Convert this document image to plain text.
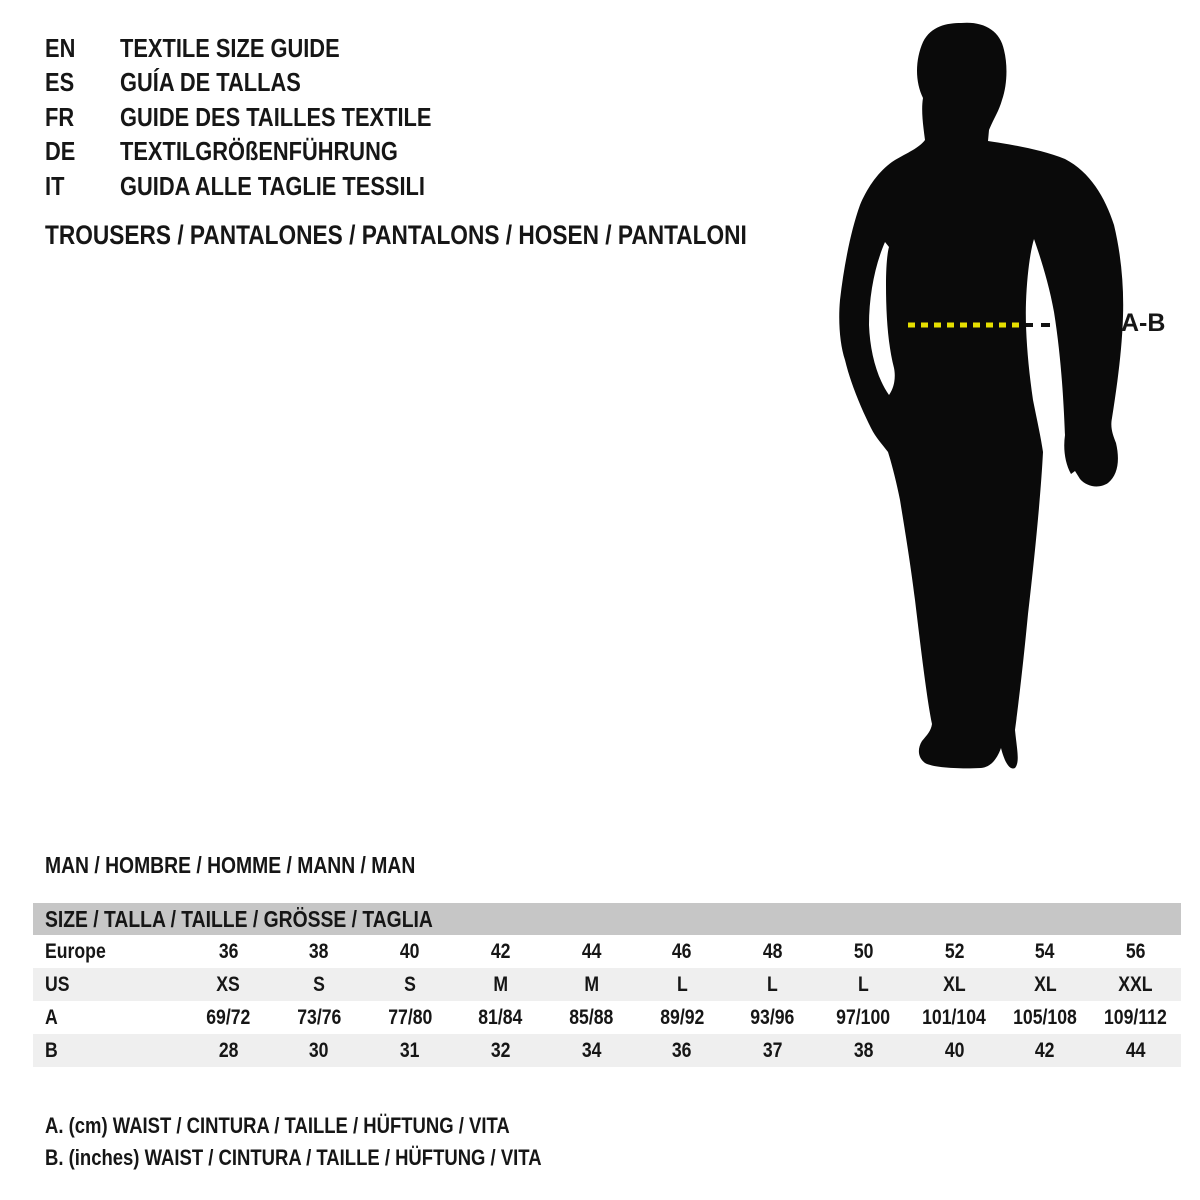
EN	TEXTILE SIZE GUIDE
ES	GUÍA DE TALLAS
FR	GUIDE DES TAILLES TEXTILE
DE	TEXTILGRÖßENFÜHRUNG
IT	GUIDA ALLE TAGLIE TESSILI
TROUSERS / PANTALONES / PANTALONS / HOSEN / PANTALONI
A-B
MAN / HOMBRE / HOMME / MANN / MAN
SIZE / TALLA / TAILLE / GRÖSSE / TAGLIA
Europe	36	38	40	42	44	46	48	50	52	54	56
US	XS	S	S	M	M	L	L	L	XL	XL	XXL
A	69/72	73/76	77/80	81/84	85/88	89/92	93/96	97/100	101/104	105/108	109/112
B	28	30	31	32	34	36	37	38	40	42	44
A. (cm) WAIST / CINTURA / TAILLE / HÜFTUNG / VITA
B. (inches) WAIST / CINTURA / TAILLE / HÜFTUNG / VITA
